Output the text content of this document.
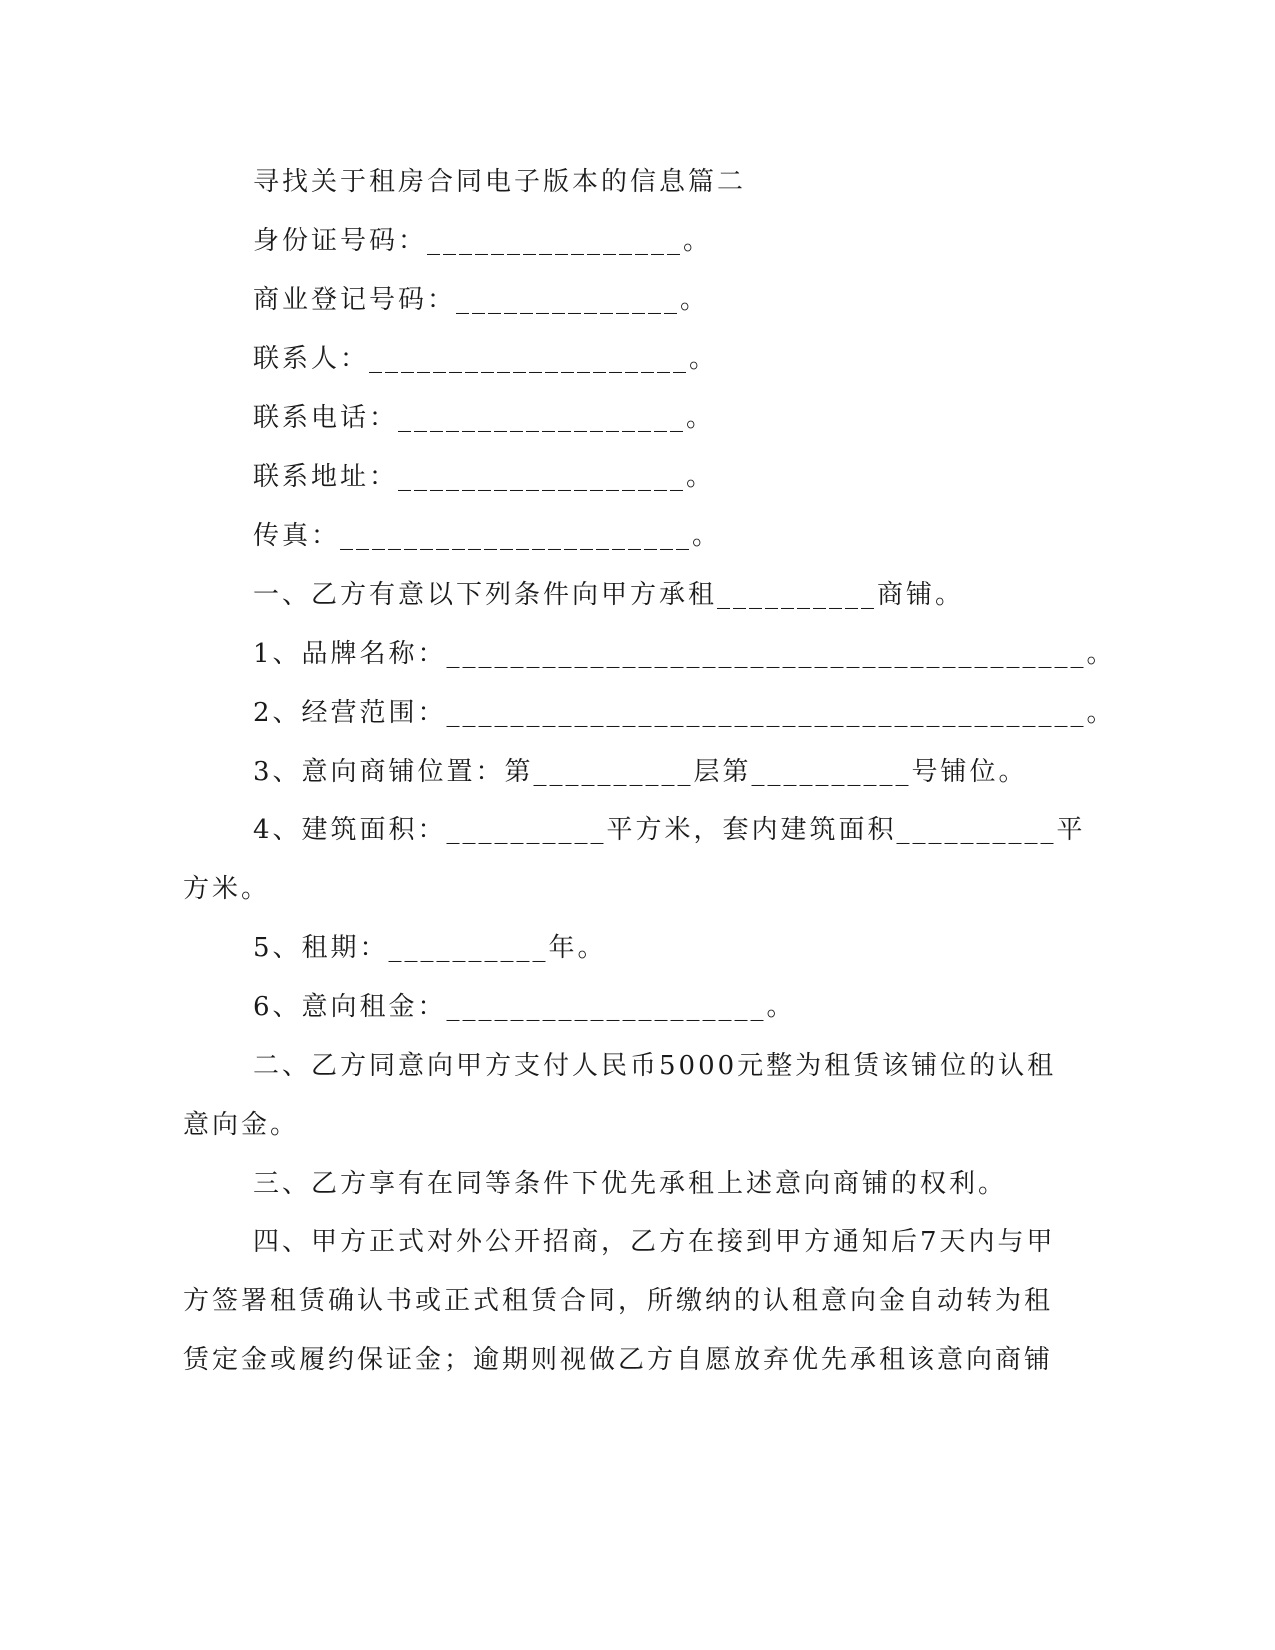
寻找关于租房合同电子版本的信息篇二
身份证号码：________________。
商业登记号码：______________。
联系人：____________________。
联系电话：__________________。
联系地址：__________________。
传真：______________________。
一、乙方有意以下列条件向甲方承租__________商铺。
1、品牌名称：________________________________________。
2、经营范围：________________________________________。
3、意向商铺位置：第__________层第__________号铺位。
4、建筑面积：__________平方米，套内建筑面积__________平
方米。
5、租期：__________年。
6、意向租金：____________________。
二、乙方同意向甲方支付人民币5000元整为租赁该铺位的认租
意向金。
三、乙方享有在同等条件下优先承租上述意向商铺的权利。
四、甲方正式对外公开招商，乙方在接到甲方通知后7天内与甲
方签署租赁确认书或正式租赁合同，所缴纳的认租意向金自动转为租
赁定金或履约保证金；逾期则视做乙方自愿放弃优先承租该意向商铺
